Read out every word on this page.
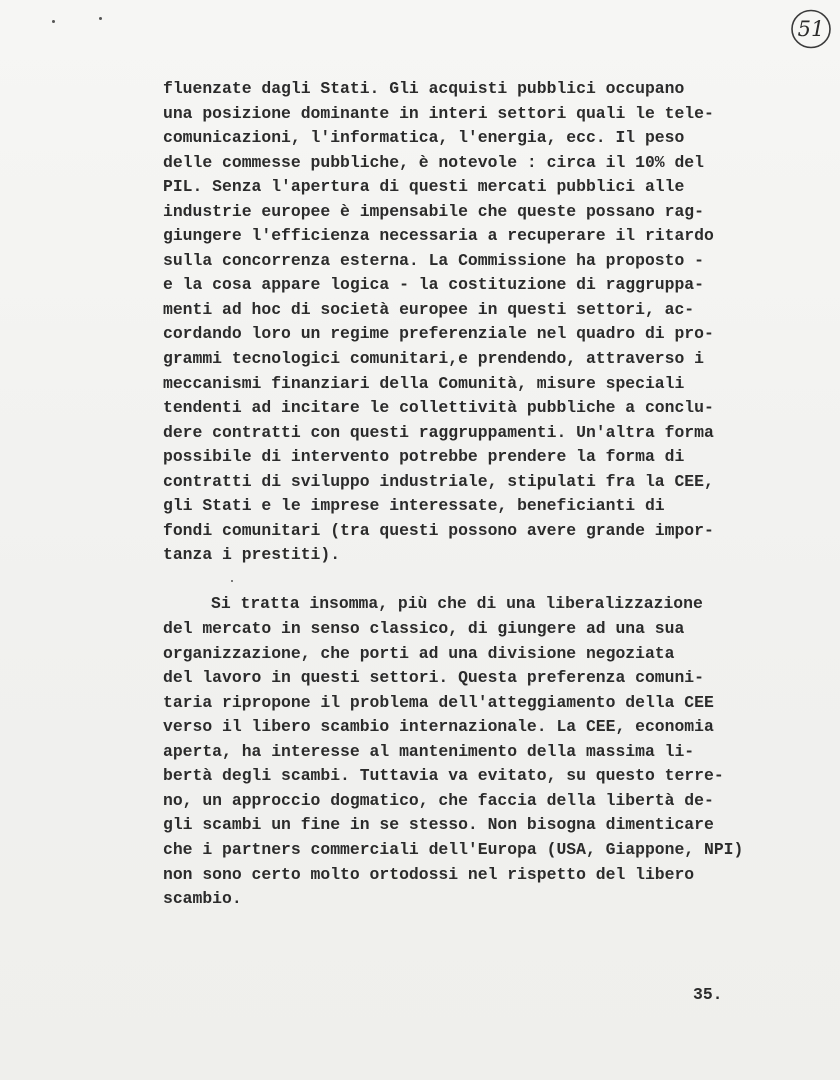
51
fluenzate dagli Stati. Gli acquisti pubblici occupano
una posizione dominante in interi settori quali le tele-
comunicazioni, l'informatica, l'energia, ecc. Il peso
delle commesse pubbliche, è notevole : circa il 10% del
PIL. Senza l'apertura di questi mercati pubblici alle
industrie europee è impensabile che queste possano rag-
giungere l'efficienza necessaria a recuperare il ritardo
sulla concorrenza esterna. La Commissione ha proposto -
e la cosa appare logica - la costituzione di raggruppa-
menti ad hoc di società europee in questi settori, ac-
cordando loro un regime preferenziale nel quadro di pro-
grammi tecnologici comunitari,e prendendo, attraverso i
meccanismi finanziari della Comunità, misure speciali
tendenti ad incitare le collettività pubbliche a conclu-
dere contratti con questi raggruppamenti. Un'altra forma
possibile di intervento potrebbe prendere la forma di
contratti di sviluppo industriale, stipulati fra la CEE,
gli Stati e le imprese interessate, beneficianti di
fondi comunitari (tra questi possono avere grande impor-
tanza i prestiti).
Si tratta insomma, più che di una liberalizzazione
del mercato in senso classico, di giungere ad una sua
organizzazione, che porti ad una divisione negoziata
del lavoro in questi settori. Questa preferenza comuni-
taria ripropone il problema dell'atteggiamento della CEE
verso il libero scambio internazionale. La CEE, economia
aperta, ha interesse al mantenimento della massima li-
bertà degli scambi. Tuttavia va evitato, su questo terre-
no, un approccio dogmatico, che faccia della libertà de-
gli scambi un fine in se stesso. Non bisogna dimenticare
che i partners commerciali dell'Europa (USA, Giappone, NPI)
non sono certo molto ortodossi nel rispetto del libero
scambio.
35.
